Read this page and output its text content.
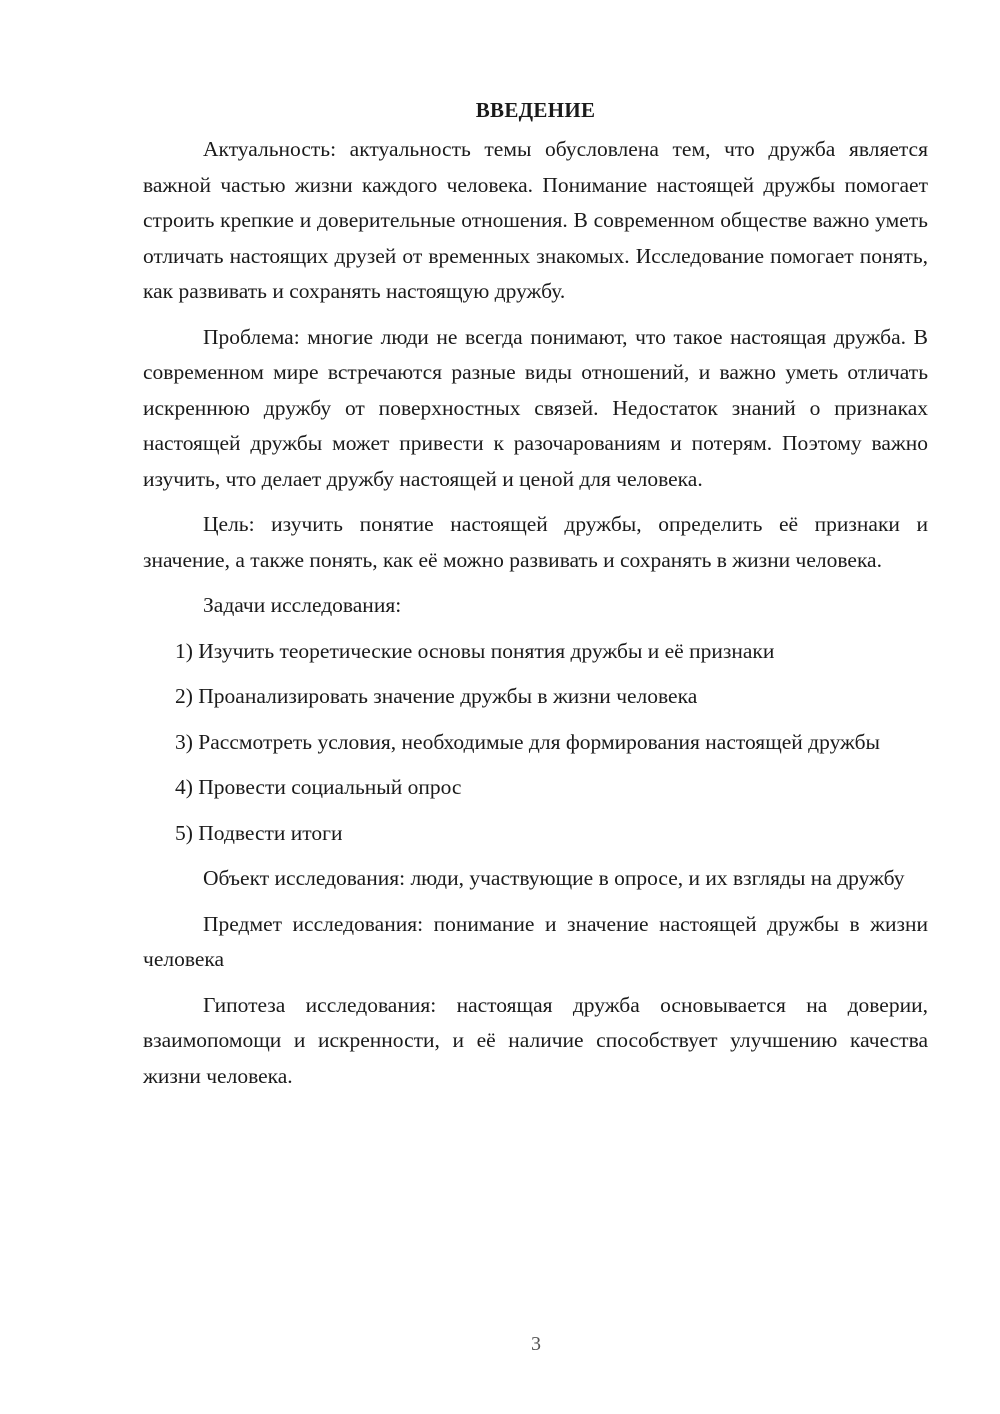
ВВЕДЕНИЕ

Актуальность: актуальность темы обусловлена тем, что дружба является важной частью жизни каждого человека. Понимание настоящей дружбы помогает строить крепкие и доверительные отношения. В современном обществе важно уметь отличать настоящих друзей от временных знакомых. Исследование помогает понять, как развивать и сохранять настоящую дружбу.

Проблема: многие люди не всегда понимают, что такое настоящая дружба. В современном мире встречаются разные виды отношений, и важно уметь отличать искреннюю дружбу от поверхностных связей. Недостаток знаний о признаках настоящей дружбы может привести к разочарованиям и потерям. Поэтому важно изучить, что делает дружбу настоящей и ценой для человека.

Цель: изучить понятие настоящей дружбы, определить её признаки и значение, а также понять, как её можно развивать и сохранять в жизни человека.

Задачи исследования:

1) Изучить теоретические основы понятия дружбы и её признаки

2) Проанализировать значение дружбы в жизни человека

3) Рассмотреть условия, необходимые для формирования настоящей дружбы

4) Провести социальный опрос

5) Подвести итоги

Объект исследования: люди, участвующие в опросе, и их взгляды на дружбу

Предмет исследования: понимание и значение настоящей дружбы в жизни человека

Гипотеза исследования: настоящая дружба основывается на доверии, взаимопомощи и искренности, и её наличие способствует улучшению качества жизни человека.

3
